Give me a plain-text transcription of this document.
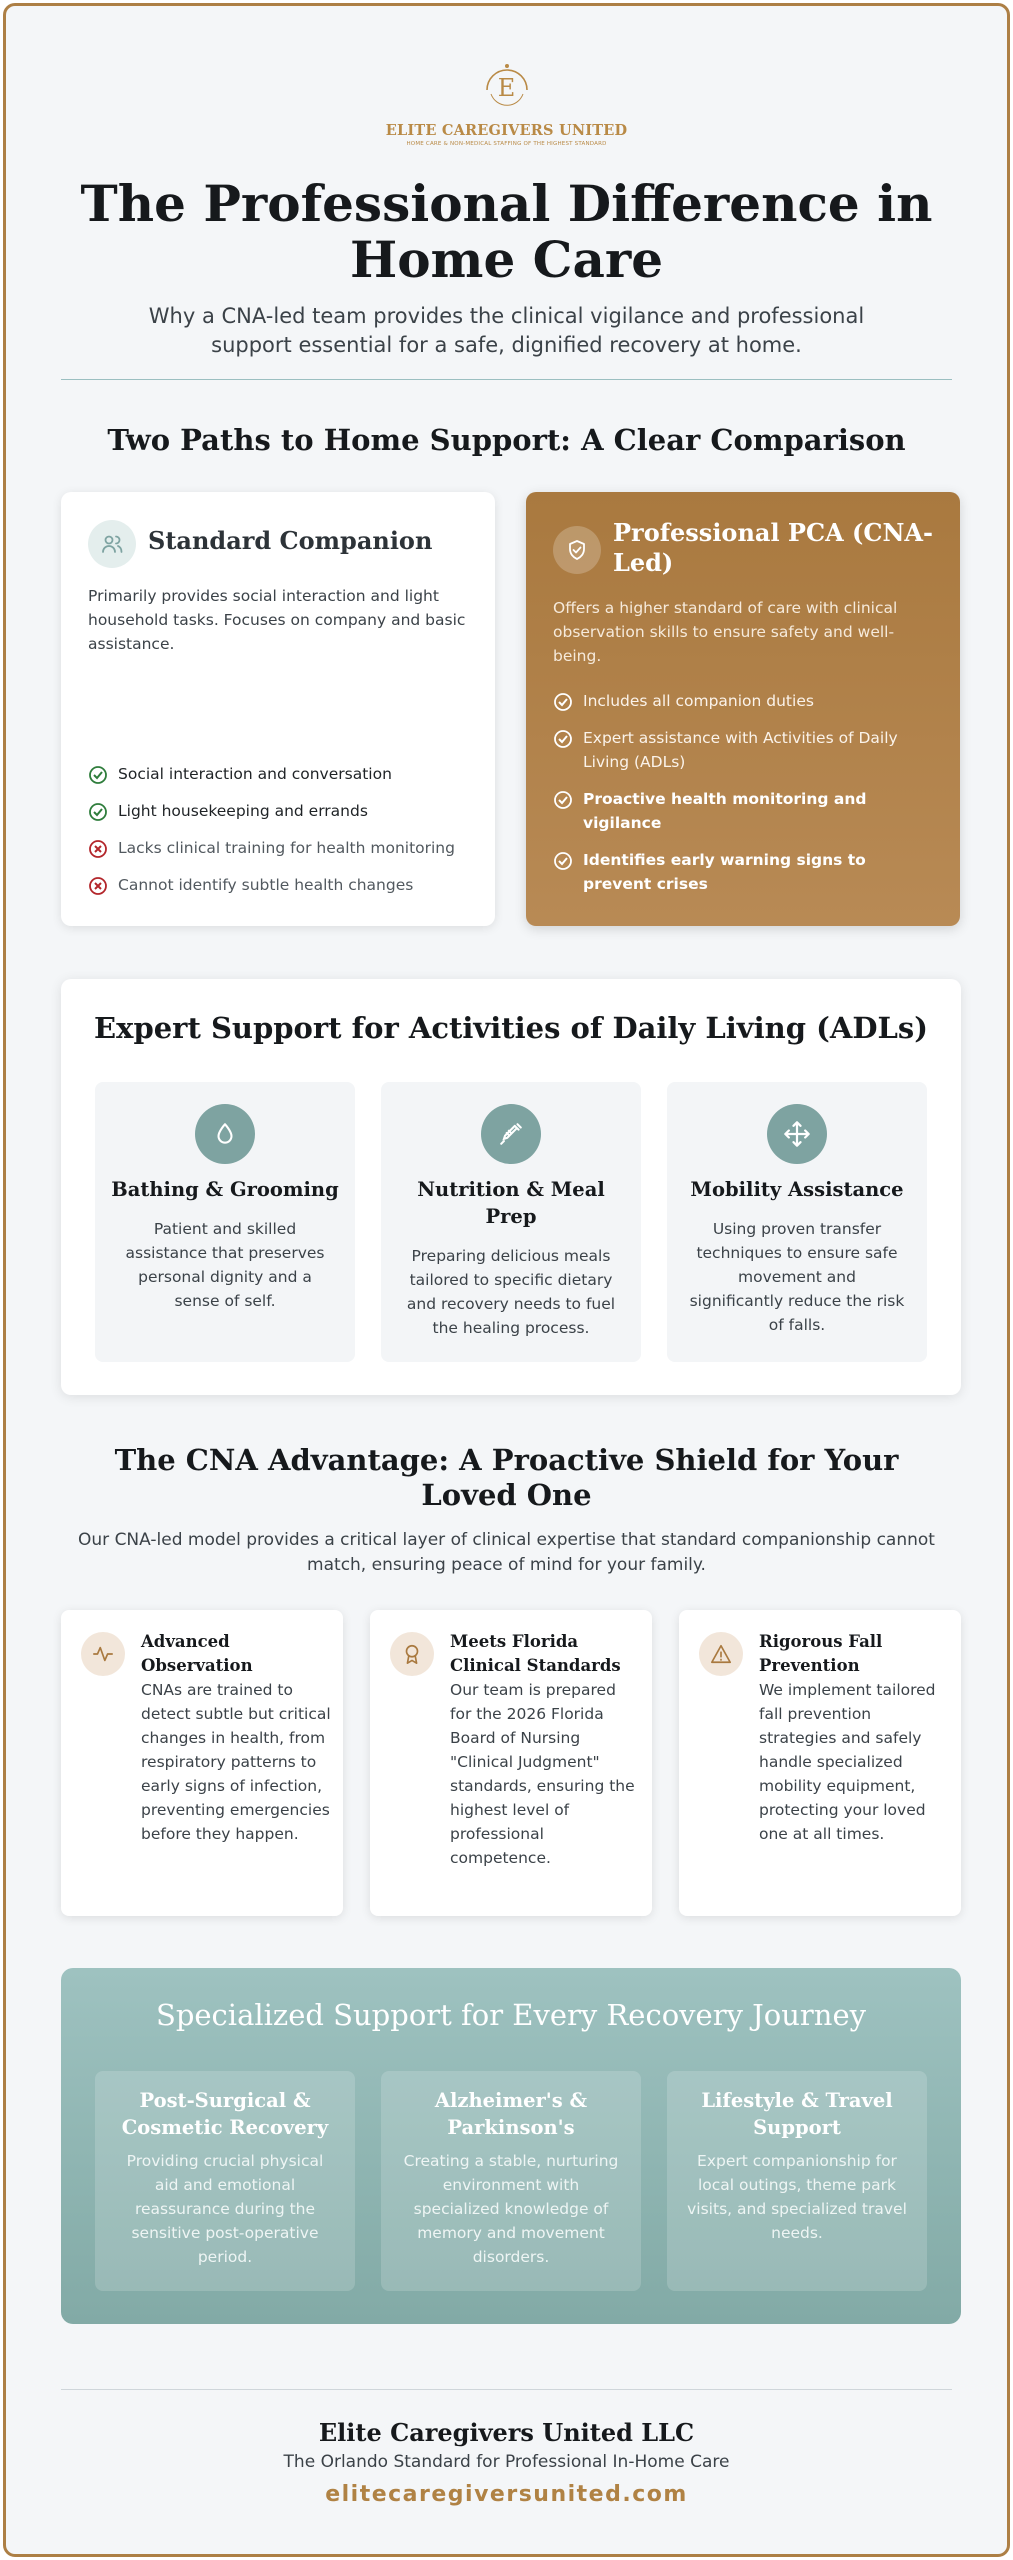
E
ELITE CAREGIVERS UNITED
HOME CARE & NON-MEDICAL STAFFING OF THE HIGHEST STANDARD
The Professional Difference in Home Care
Why a CNA-led team provides the clinical vigilance and professional support essential for a safe, dignified recovery at home.
Two Paths to Home Support: A Clear Comparison
Standard Companion
Primarily provides social interaction and light household tasks. Focuses on company and basic assistance.
Social interaction and conversation
Light housekeeping and errands
Lacks clinical training for health monitoring
Cannot identify subtle health changes
Professional PCA (CNA-Led)
Offers a higher standard of care with clinical observation skills to ensure safety and well-being.
Includes all companion duties
Expert assistance with Activities of Daily Living (ADLs)
Proactive health monitoring and vigilance
Identifies early warning signs to prevent crises
Expert Support for Activities of Daily Living (ADLs)
Bathing & Grooming
Patient and skilled assistance that preserves personal dignity and a sense of self.
Nutrition & Meal Prep
Preparing delicious meals tailored to specific dietary and recovery needs to fuel the healing process.
Mobility Assistance
Using proven transfer techniques to ensure safe movement and significantly reduce the risk of falls.
The CNA Advantage: A Proactive Shield for Your Loved One
Our CNA-led model provides a critical layer of clinical expertise that standard companionship cannot match, ensuring peace of mind for your family.
Advanced Observation
CNAs are trained to detect subtle but critical changes in health, from respiratory patterns to early signs of infection, preventing emergencies before they happen.
Meets Florida Clinical Standards
Our team is prepared for the 2026 Florida Board of Nursing "Clinical Judgment" standards, ensuring the highest level of professional competence.
Rigorous Fall Prevention
We implement tailored fall prevention strategies and safely handle specialized mobility equipment, protecting your loved one at all times.
Specialized Support for Every Recovery Journey
Post-Surgical & Cosmetic Recovery
Providing crucial physical aid and emotional reassurance during the sensitive post-operative period.
Alzheimer's & Parkinson's
Creating a stable, nurturing environment with specialized knowledge of memory and movement disorders.
Lifestyle & Travel Support
Expert companionship for local outings, theme park visits, and specialized travel needs.
Elite Caregivers United LLC
The Orlando Standard for Professional In-Home Care
elitecaregiversunited.com
